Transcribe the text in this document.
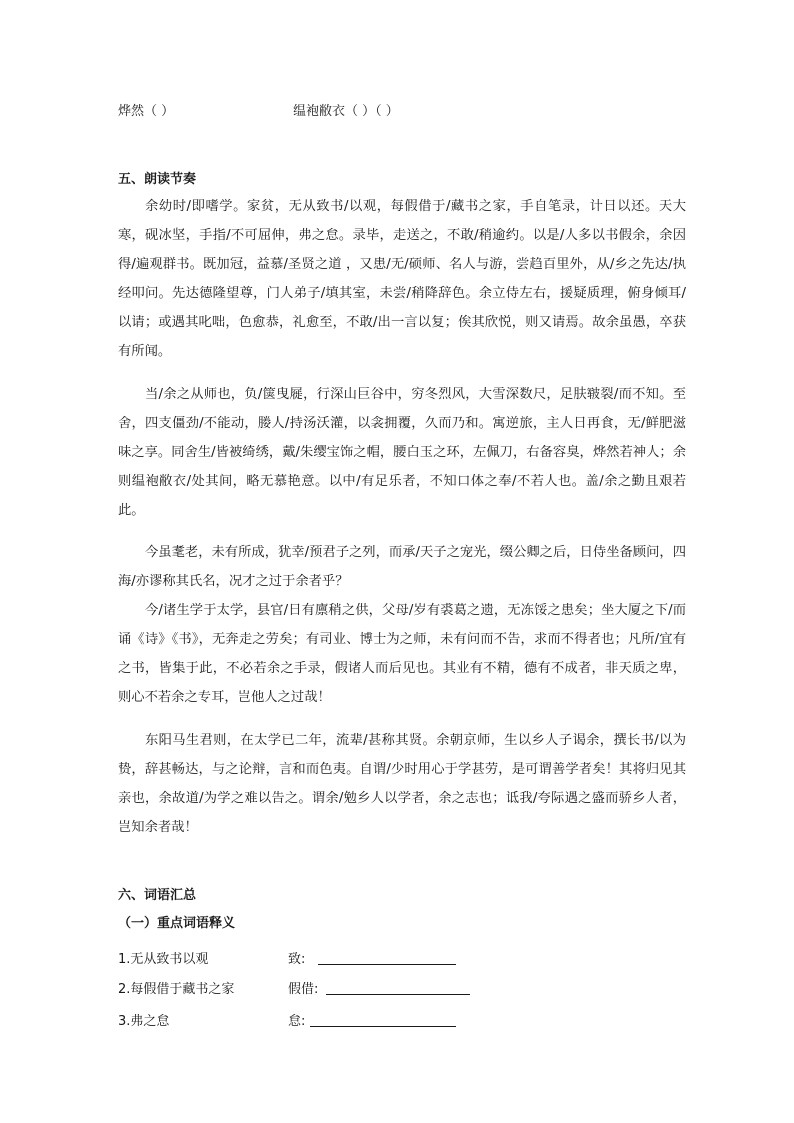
烨然（ ）	缊袍敝衣（ ）（ ）
五、朗读节奏
余幼时/即嗜学。家贫，无从致书/以观，每假借于/藏书之家，手自笔录，计日以还。天大寒，砚冰坚，手指/不可屈伸，弗之怠。录毕，走送之，不敢/稍逾约。以是/人多以书假余，余因得/遍观群书。既加冠，益慕/圣贤之道 ，又患/无/硕师、名人与游，尝趋百里外，从/乡之先达/执经叩问。先达德隆望尊，门人弟子/填其室，未尝/稍降辞色。余立侍左右，援疑质理，俯身倾耳/以请；或遇其叱咄，色愈恭，礼愈至，不敢/出一言以复；俟其欣悦，则又请焉。故余虽愚，卒获有所闻。
当/余之从师也，负/箧曳屣，行深山巨谷中，穷冬烈风，大雪深数尺，足肤皲裂/而不知。至舍，四支僵劲/不能动，媵人/持汤沃灌，以衾拥覆，久而乃和。寓逆旅，主人日再食，无/鲜肥滋味之享。同舍生/皆被绮绣，戴/朱缨宝饰之帽，腰白玉之环，左佩刀，右备容臭，烨然若神人；余则缊袍敝衣/处其间，略无慕艳意。以中/有足乐者，不知口体之奉/不若人也。盖/余之勤且艰若此。
今虽耄老，未有所成，犹幸/预君子之列，而承/天子之宠光，缀公卿之后，日侍坐备顾问，四海/亦谬称其氏名，况才之过于余者乎？
今/诸生学于太学，县官/日有廪稍之供，父母/岁有裘葛之遗，无冻馁之患矣；坐大厦之下/而诵《诗》《书》，无奔走之劳矣；有司业、博士为之师，未有问而不告，求而不得者也；凡所/宜有之书，皆集于此，不必若余之手录，假诸人而后见也。其业有不精，德有不成者，非天质之卑，则心不若余之专耳，岂他人之过哉！
东阳马生君则，在太学已二年，流辈/甚称其贤。余朝京师，生以乡人子谒余，撰长书/以为贽，辞甚畅达，与之论辩，言和而色夷。自谓/少时用心于学甚劳，是可谓善学者矣！其将归见其亲也，余故道/为学之难以告之。谓余/勉乡人以学者，余之志也；诋我/夸际遇之盛而骄乡人者，岂知余者哉！
六、词语汇总
（一）重点词语释义
1.无从致书以观	致:
2.每假借于藏书之家	假借:
3.弗之怠	怠:
